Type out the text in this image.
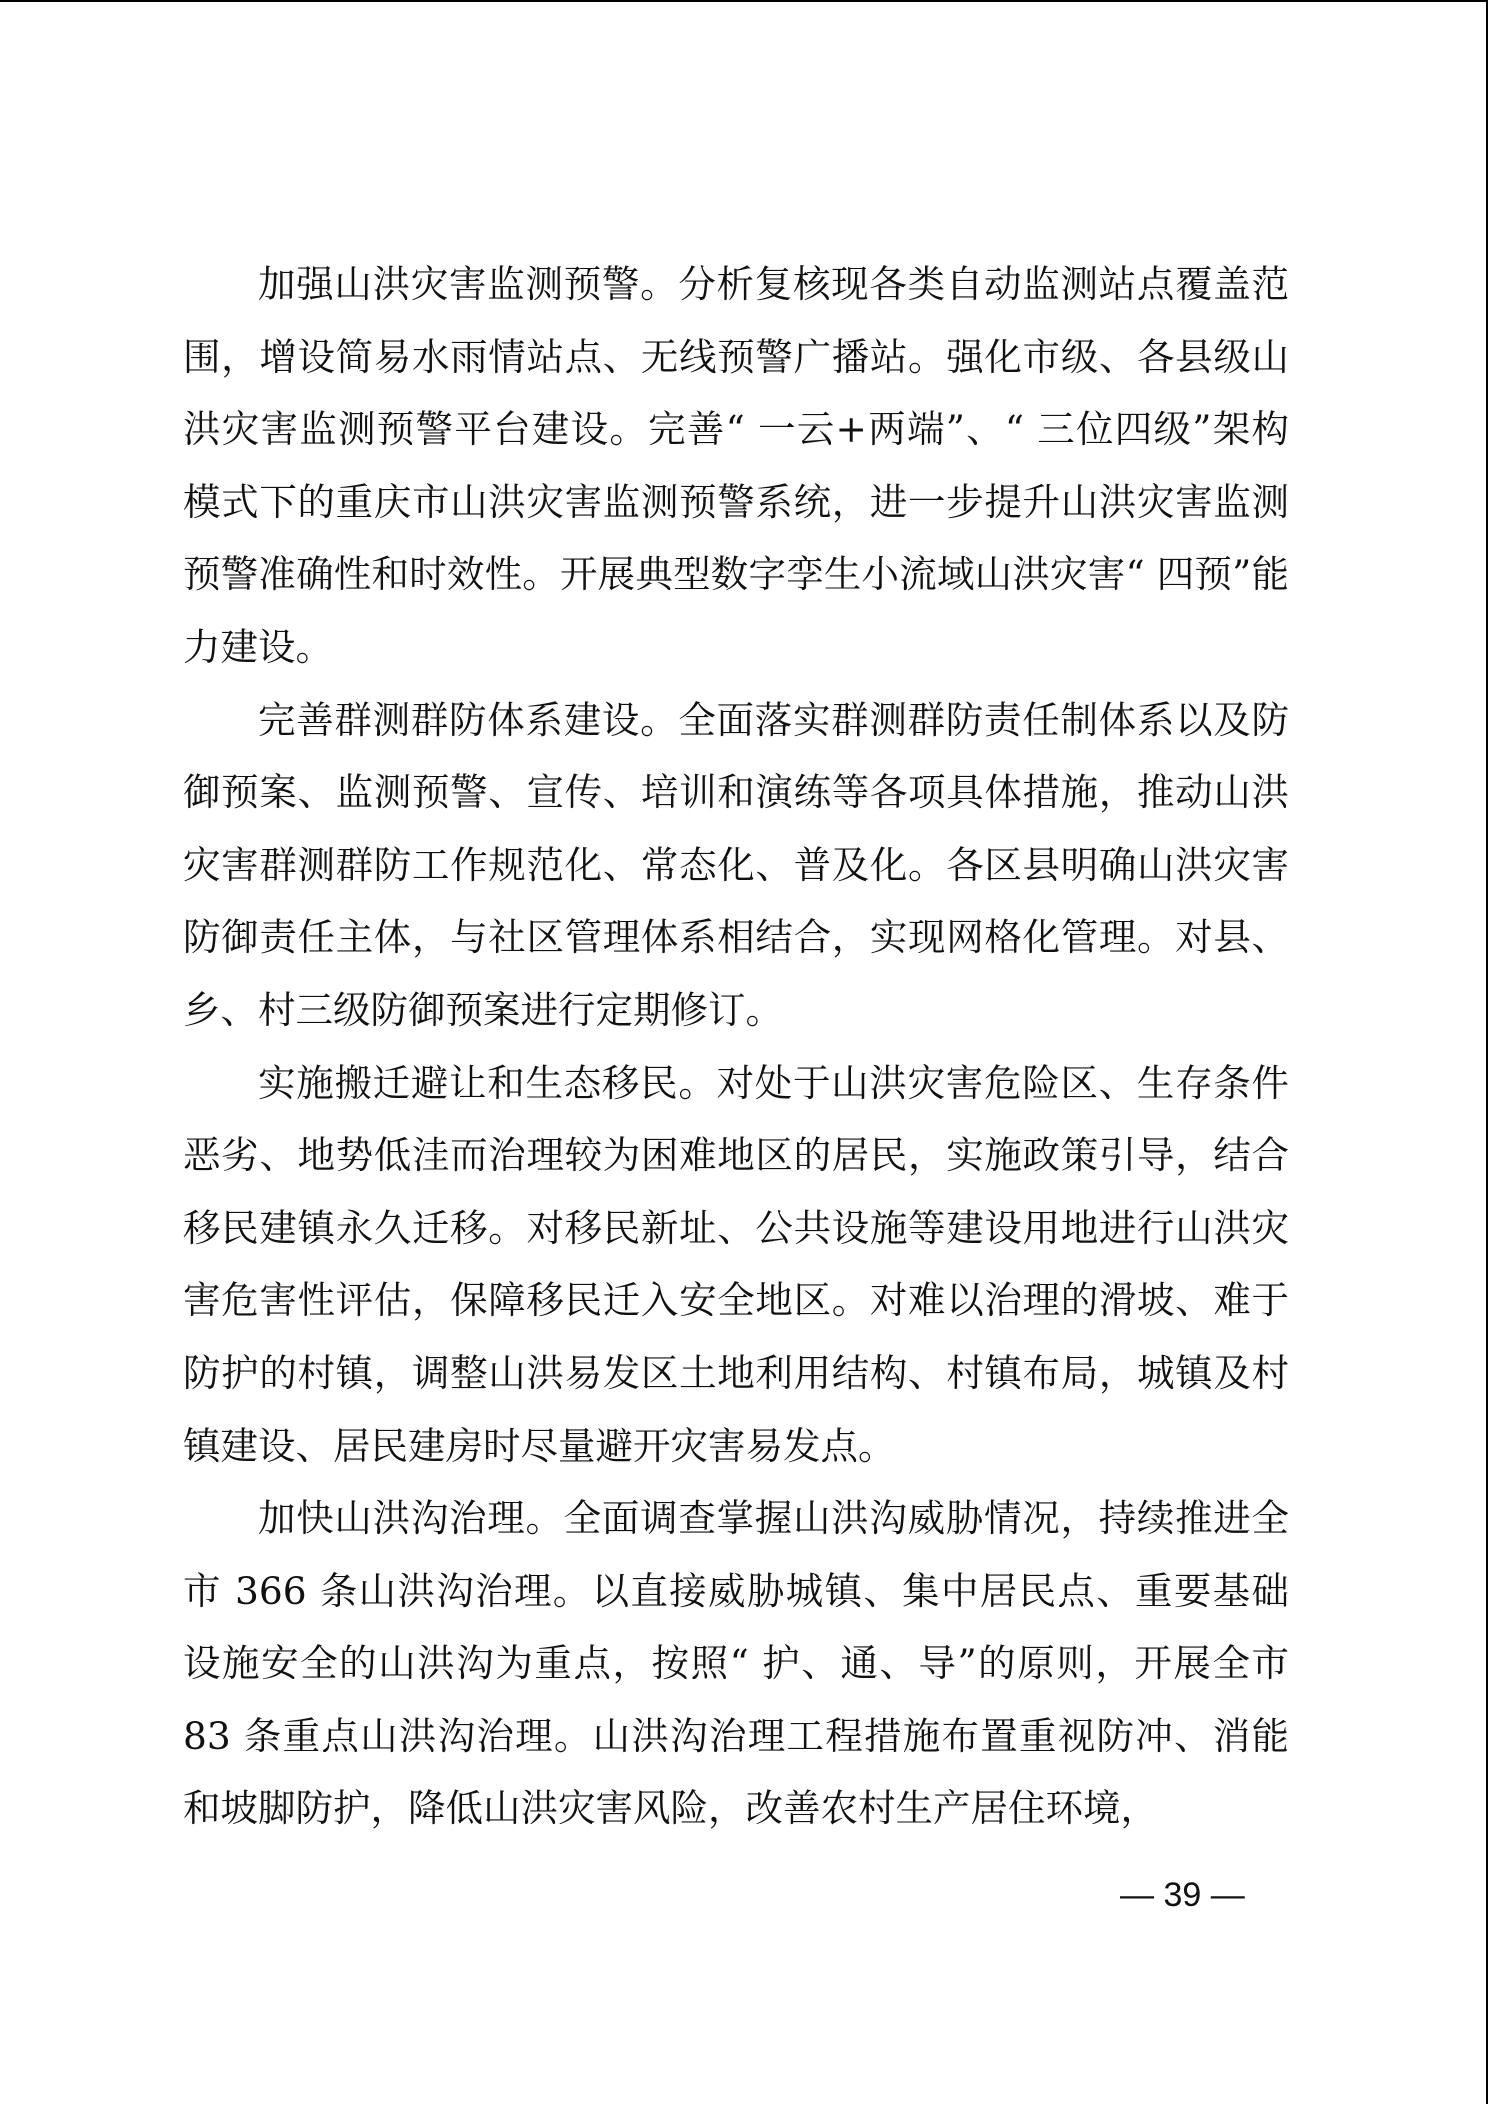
加强山洪灾害监测预警。分析复核现各类自动监测站点覆盖范围，增设简易水雨情站点、无线预警广播站。强化市级、各县级山洪灾害监测预警平台建设。完善“ 一云+两端”、“ 三位四级”架构模式下的重庆市山洪灾害监测预警系统，进一步提升山洪灾害监测预警准确性和时效性。开展典型数字孪生小流域山洪灾害“ 四预”能力建设。

完善群测群防体系建设。全面落实群测群防责任制体系以及防御预案、监测预警、宣传、培训和演练等各项具体措施，推动山洪灾害群测群防工作规范化、常态化、普及化。各区县明确山洪灾害防御责任主体，与社区管理体系相结合，实现网格化管理。对县、乡、村三级防御预案进行定期修订。

实施搬迁避让和生态移民。对处于山洪灾害危险区、生存条件恶劣、地势低洼而治理较为困难地区的居民，实施政策引导，结合移民建镇永久迁移。对移民新址、公共设施等建设用地进行山洪灾害危害性评估，保障移民迁入安全地区。对难以治理的滑坡、难于防护的村镇，调整山洪易发区土地利用结构、村镇布局，城镇及村镇建设、居民建房时尽量避开灾害易发点。

加快山洪沟治理。全面调查掌握山洪沟威胁情况，持续推进全市 366 条山洪沟治理。以直接威胁城镇、集中居民点、重要基础设施安全的山洪沟为重点，按照“ 护、通、导”的原则，开展全市 83 条重点山洪沟治理。山洪沟治理工程措施布置重视防冲、消能和坡脚防护，降低山洪灾害风险，改善农村生产居住环境，

— 39 —
